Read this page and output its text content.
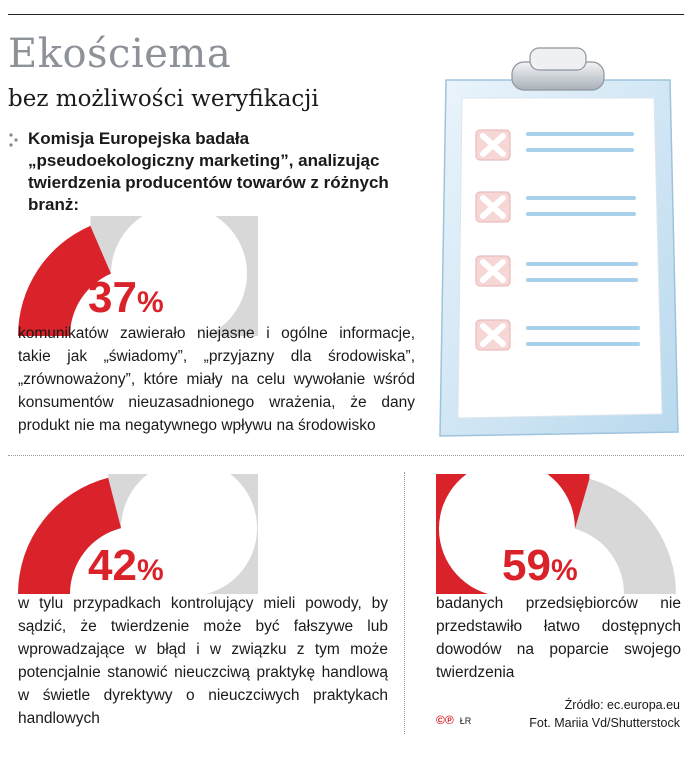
Ekościema
bez możliwości weryfikacji
Komisja Europejska badała „pseudoekologiczny marketing”, analizując twierdzenia producentów towarów z różnych branż:
37%
komunikatów zawierało niejasne i ogólne informacje, takie jak „świadomy”, „przyjazny dla środowiska”, „zrównoważony”, które miały na celu wywołanie wśród konsumentów nieuzasadnionego wrażenia, że dany produkt nie ma negatywnego wpływu na środowisko
42%
w tylu przypadkach kontrolujący mieli powody, by sądzić, że twierdzenie może być fałszywe lub wprowadzające w błąd i w związku z tym może potencjalnie stanowić nieuczciwą praktykę handlową w świetle dyrektywy o nieuczciwych praktykach handlowych
59%
badanych przedsiębiorców nie przedstawiło łatwo dostępnych dowodów na poparcie swojego twierdzenia
Źródło: ec.europa.eu
Fot. Mariia Vd/Shutterstock
©℗ ŁR
